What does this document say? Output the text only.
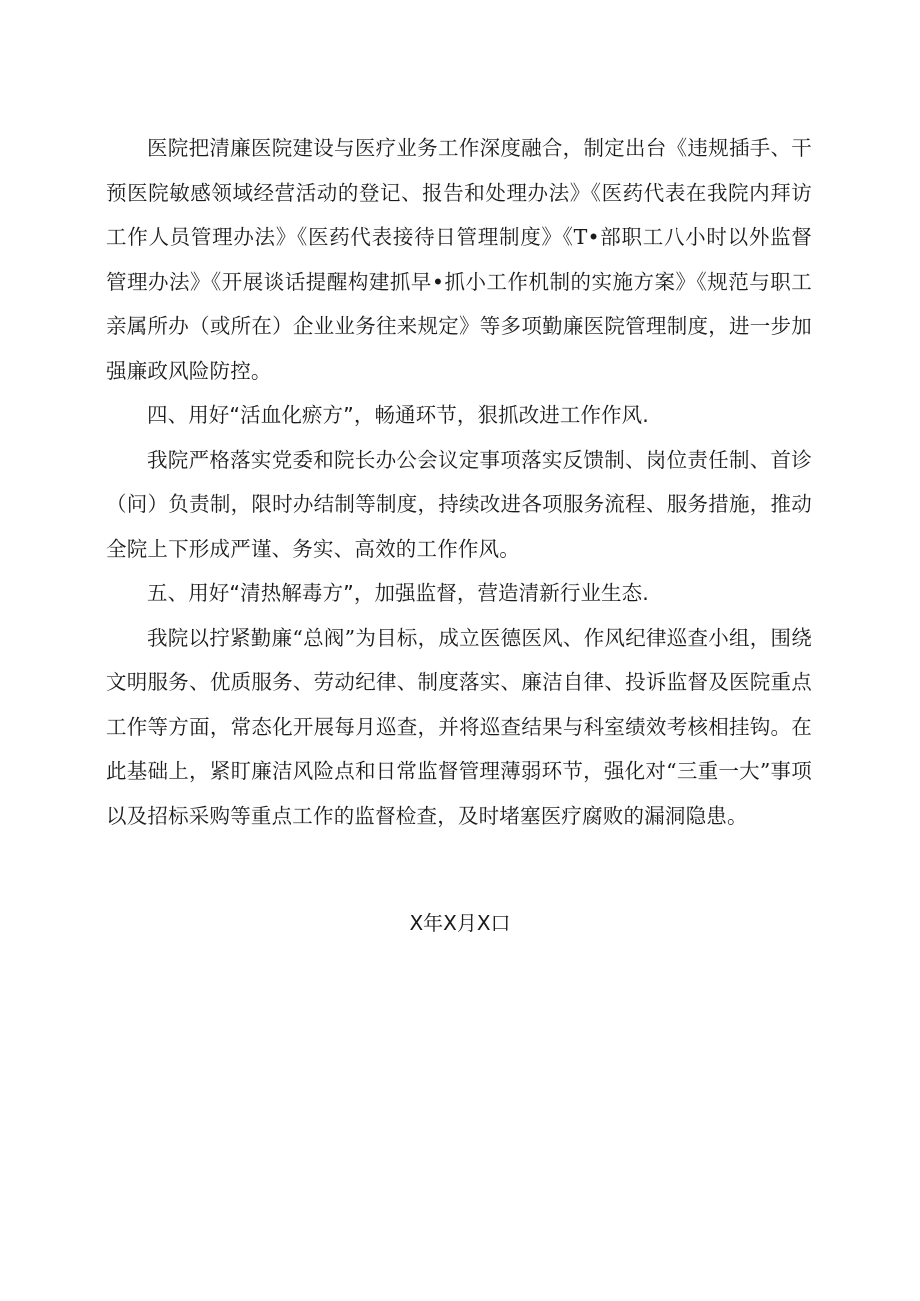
医院把清廉医院建设与医疗业务工作深度融合，制定出台《违规插手、干预医院敏感领域经营活动的登记、报告和处理办法》《医药代表在我院内拜访工作人员管理办法》《医药代表接待日管理制度》《T•部职工八小时以外监督管理办法》《开展谈话提醒构建抓早•抓小工作机制的实施方案》《规范与职工亲属所办（或所在）企业业务往来规定》等多项勤廉医院管理制度，进一步加强廉政风险防控。

四、用好“活血化瘀方”，畅通环节，狠抓改进工作作风.

我院严格落实党委和院长办公会议定事项落实反馈制、岗位责任制、首诊（问）负责制，限时办结制等制度，持续改进各项服务流程、服务措施，推动全院上下形成严谨、务实、高效的工作作风。

五、用好“清热解毒方”，加强监督，营造清新行业生态.

我院以拧紧勤廉“总阀”为目标，成立医德医风、作风纪律巡查小组，围绕文明服务、优质服务、劳动纪律、制度落实、廉洁自律、投诉监督及医院重点工作等方面，常态化开展每月巡查，并将巡查结果与科室绩效考核相挂钩。在此基础上，紧盯廉洁风险点和日常监督管理薄弱环节，强化对“三重一大”事项以及招标采购等重点工作的监督检查，及时堵塞医疗腐败的漏洞隐患。

X年X月X口
